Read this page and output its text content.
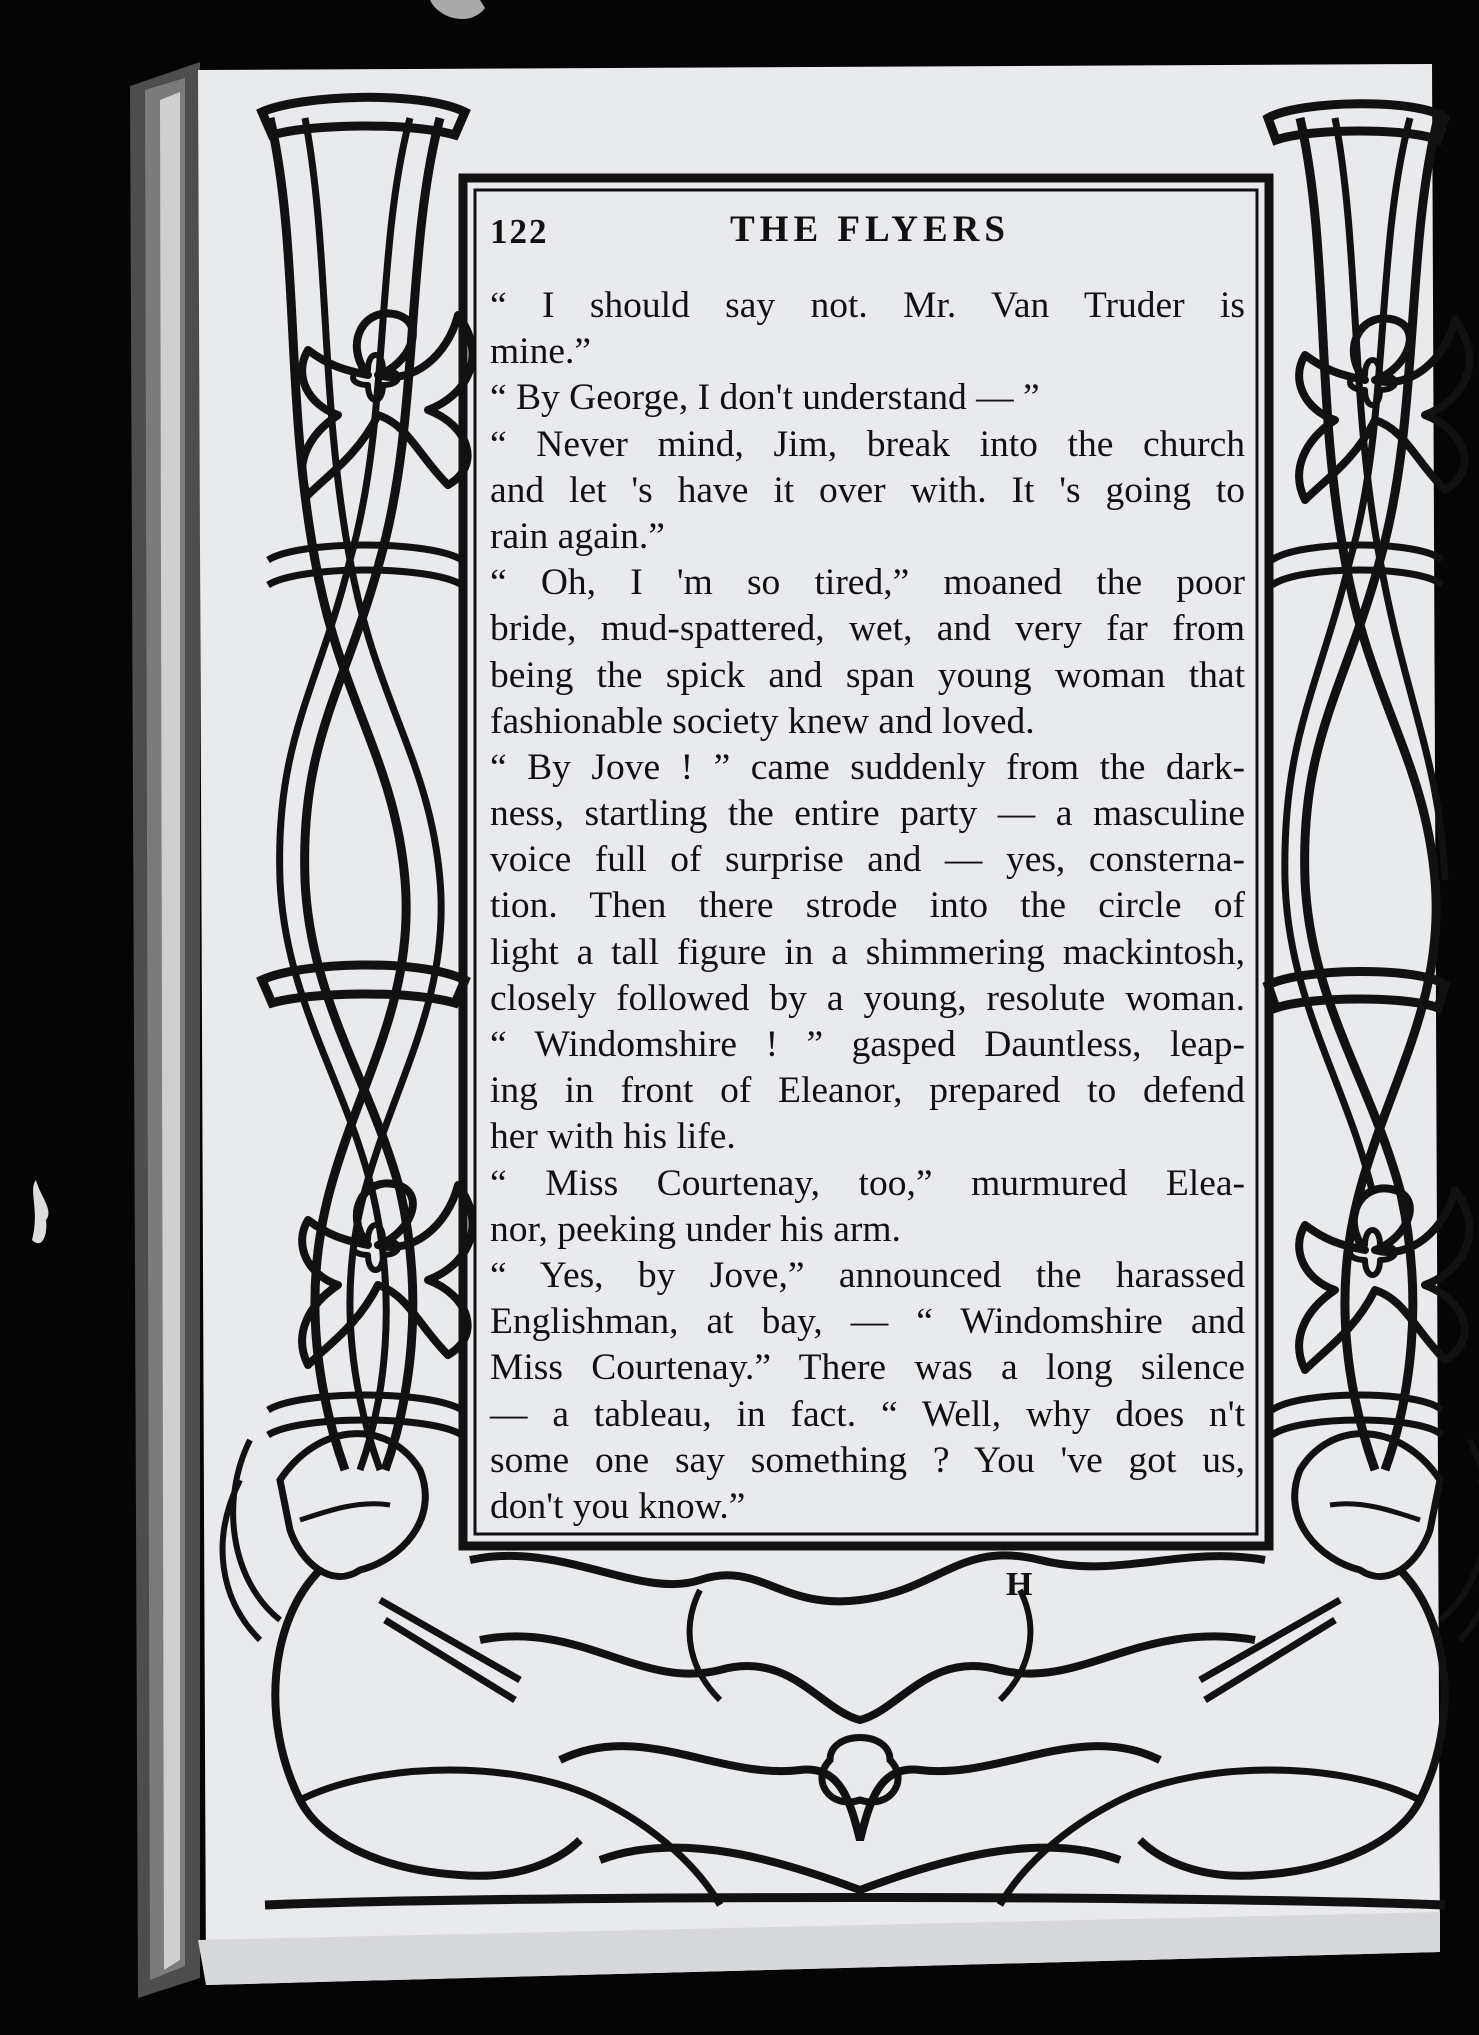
122	THE FLYERS
“ I should say not. Mr. Van Truder is
mine.”
“ By George, I don't understand — ”
“ Never mind, Jim, break into the church
and let 's have it over with. It 's going to
rain again.”
“ Oh, I 'm so tired,” moaned the poor
bride, mud-spattered, wet, and very far from
being the spick and span young woman that
fashionable society knew and loved.
“ By Jove ! ” came suddenly from the dark-
ness, startling the entire party — a masculine
voice full of surprise and — yes, consterna-
tion. Then there strode into the circle of
light a tall figure in a shimmering mackintosh,
closely followed by a young, resolute woman.
“ Windomshire ! ” gasped Dauntless, leap-
ing in front of Eleanor, prepared to defend
her with his life.
“ Miss Courtenay, too,” murmured Elea-
nor, peeking under his arm.
“ Yes, by Jove,” announced the harassed
Englishman, at bay, — “ Windomshire and
Miss Courtenay.” There was a long silence
— a tableau, in fact. “ Well, why does n't
some one say something ? You 've got us,
don't you know.”
H
